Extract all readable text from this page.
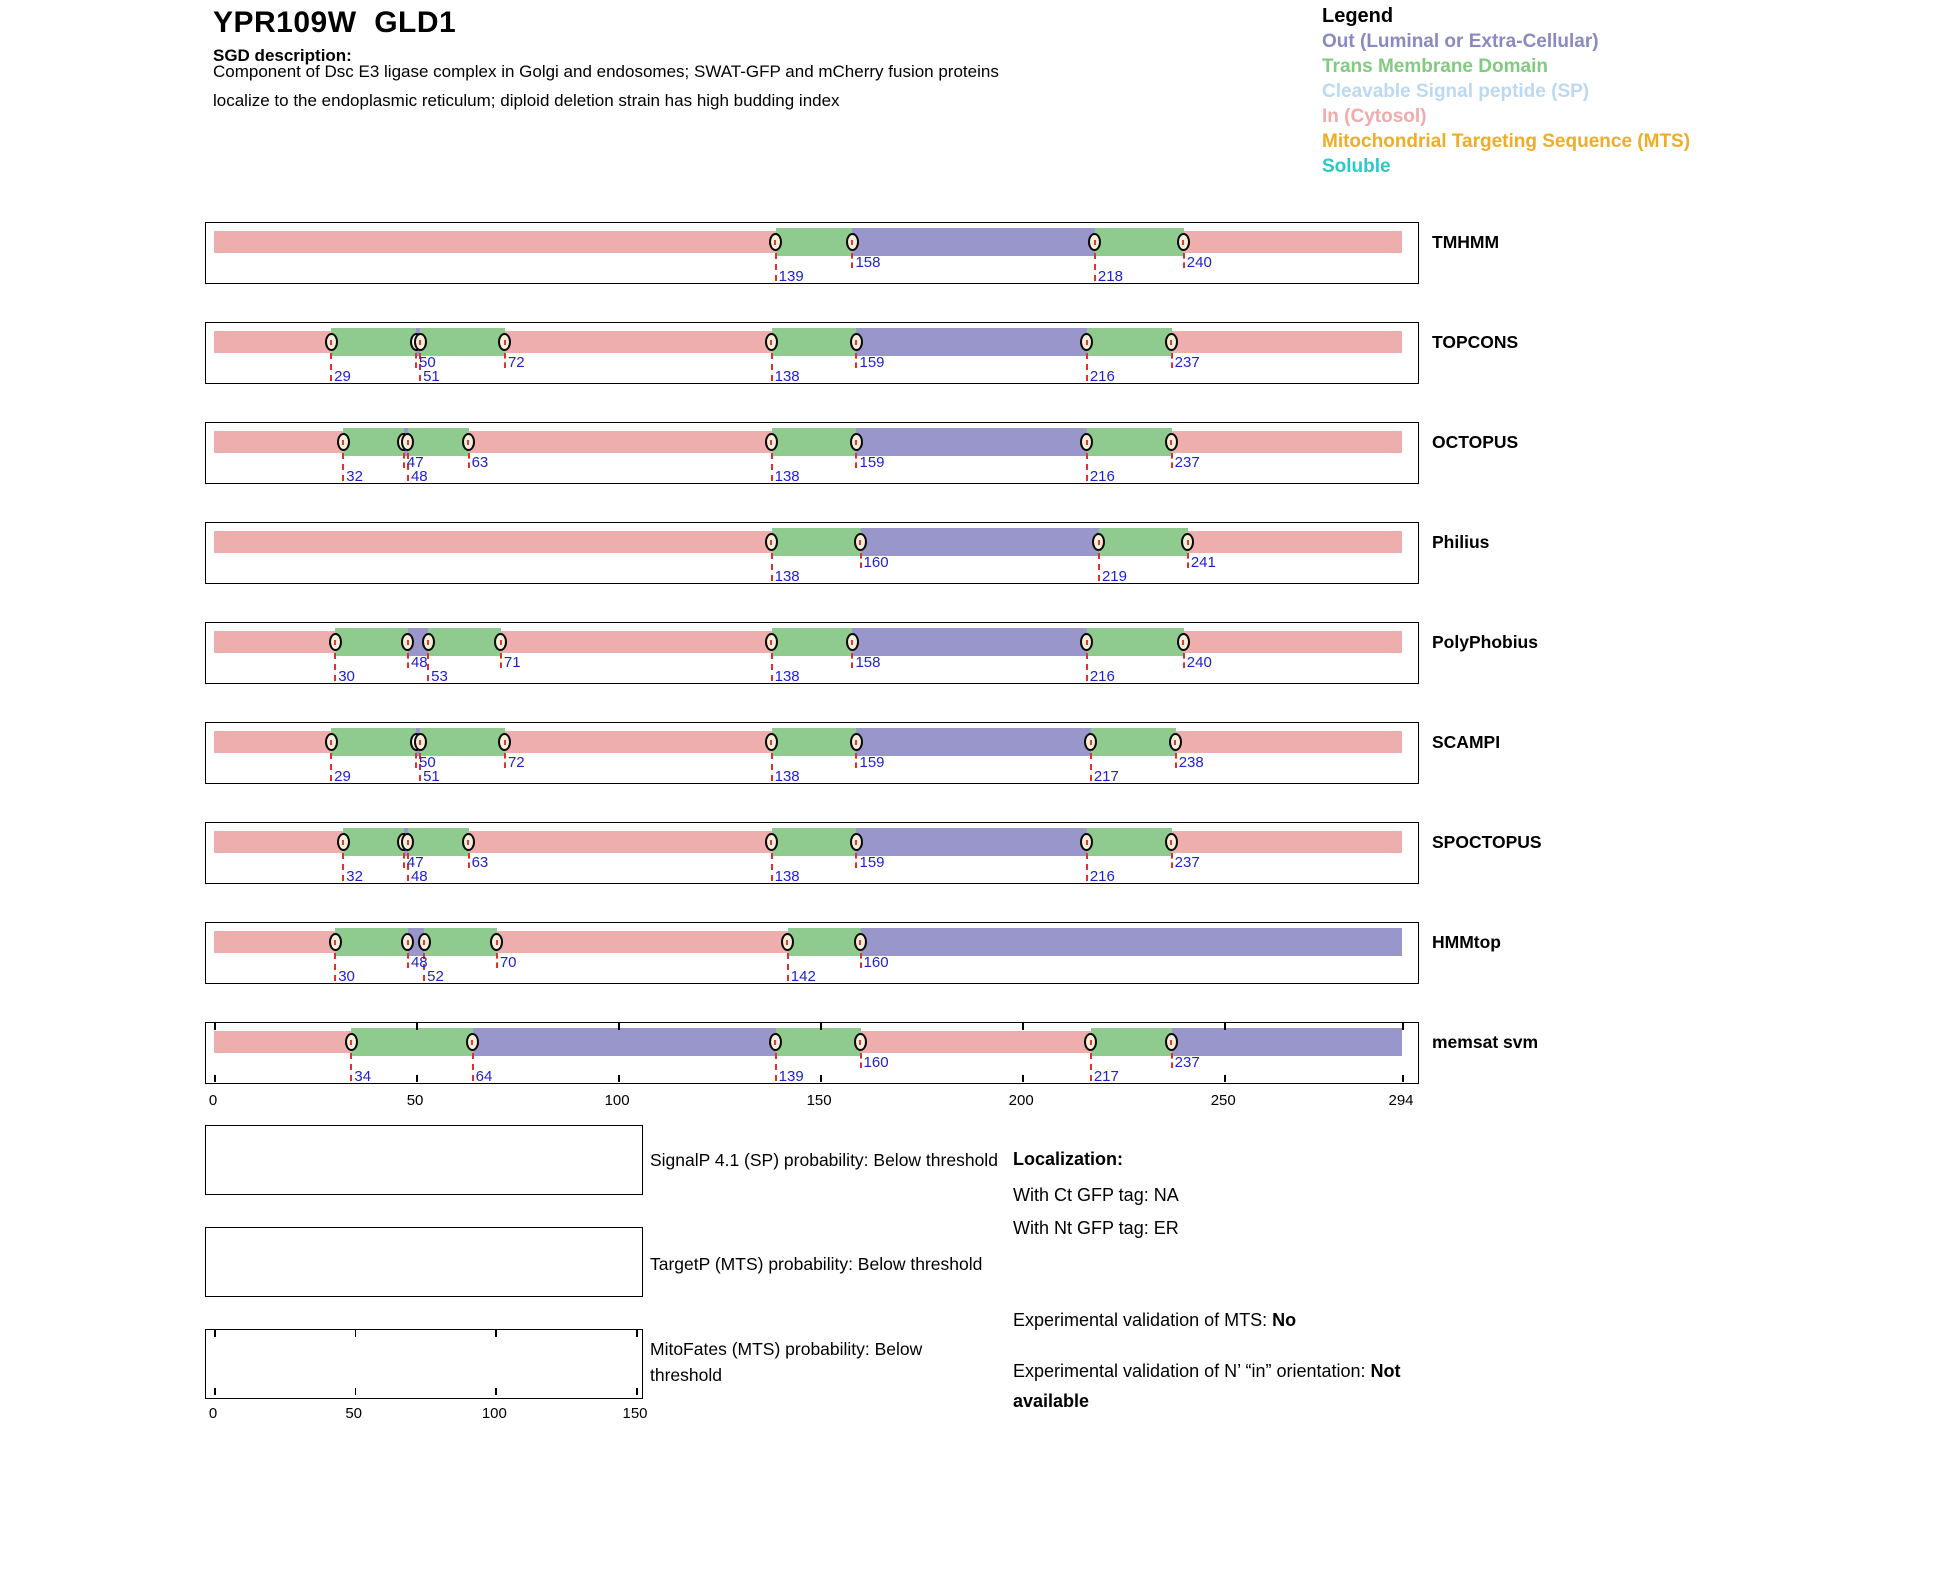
YPR109W  GLD1
SGD description:
Component of Dsc E3 ligase complex in Golgi and endosomes; SWAT-GFP and mCherry fusion proteins localize to the endoplasmic reticulum; diploid deletion strain has high budding index
Legend
Out (Luminal or Extra-Cellular)
Trans Membrane Domain
Cleavable Signal peptide (SP)
In (Cytosol)
Mitochondrial Targeting Sequence (MTS)
Soluble
139
158
218
240
TMHMM
29
50
51
72
138
159
216
237
TOPCONS
32
47
48
63
138
159
216
237
OCTOPUS
138
160
219
241
Philius
30
48
53
71
138
158
216
240
PolyPhobius
29
50
51
72
138
159
217
238
SCAMPI
32
47
48
63
138
159
216
237
SPOCTOPUS
30
48
52
70
142
160
HMMtop
34	64	139
160
217
237
memsat svm
0	50	100	150	200	250	294
0	50	100	150
SignalP 4.1 (SP) probability: Below threshold
TargetP (MTS) probability: Below threshold
MitoFates (MTS) probability: Below threshold
Localization:
With Ct GFP tag: NA
With Nt GFP tag: ER
Experimental validation of MTS: No
Experimental validation of N’ “in” orientation: Not available
